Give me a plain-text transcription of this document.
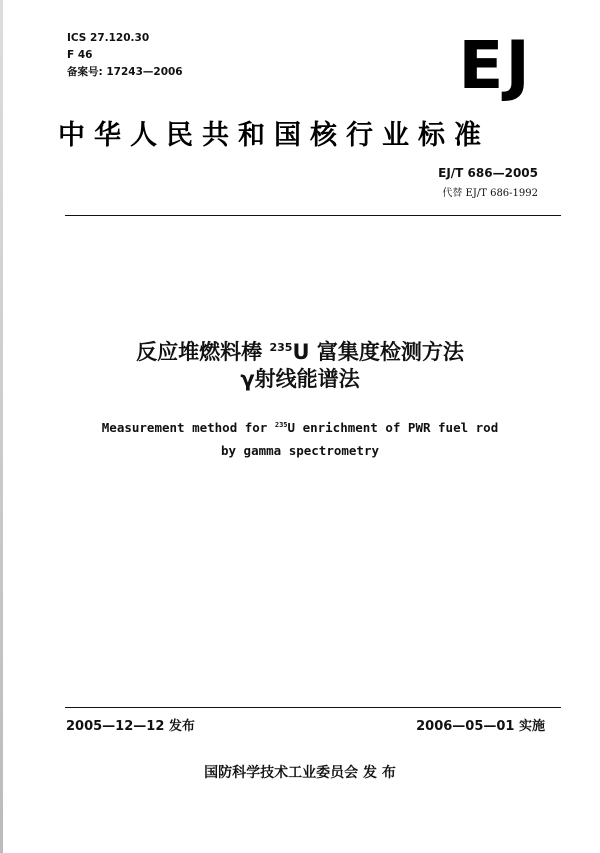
ICS 27.120.30
F 46
备案号: 17243—2006	EJ
中华人民共和国核行业标准
EJ/T 686—2005
代替 EJ/T 686-1992
反应堆燃料棒 $^{235}$U 富集度检测方法
γ射线能谱法
Measurement method for $^{235}$U enrichment of PWR fuel rod
by gamma spectrometry
2005—12—12 发布	2006—05—01 实施
国防科学技术工业委员会 发 布
